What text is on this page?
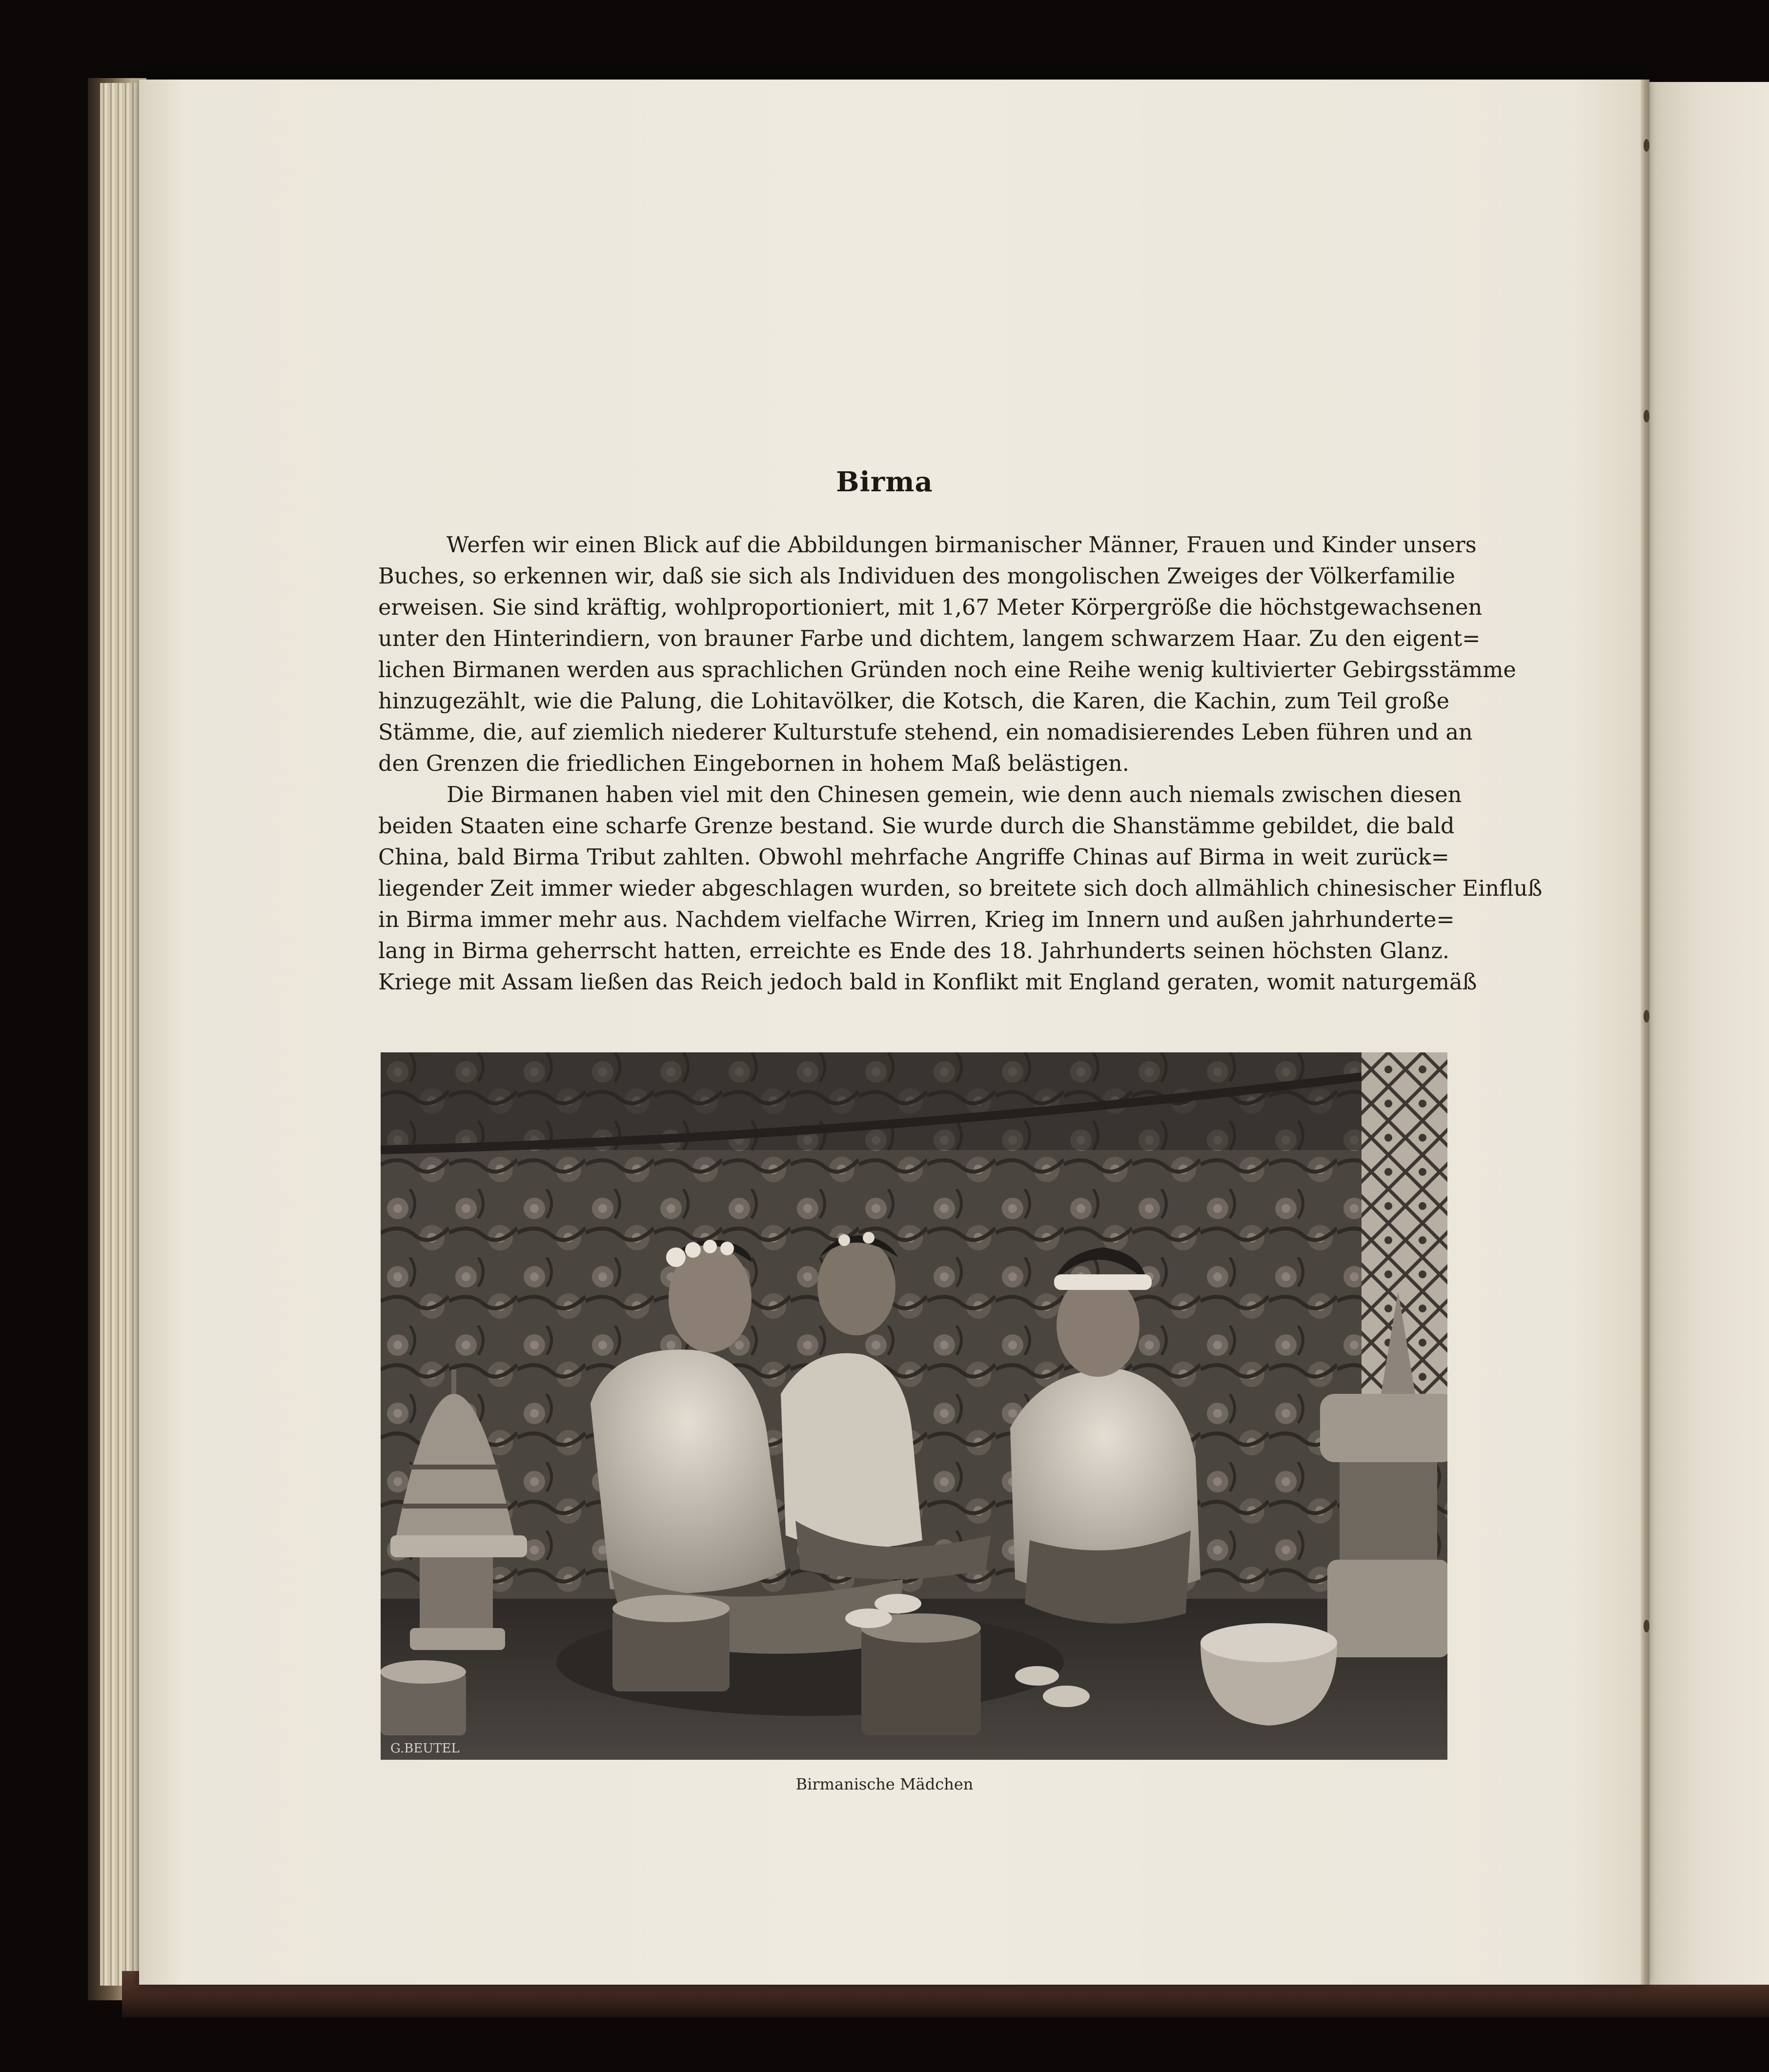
Birma

Werfen wir einen Blick auf die Abbildungen birmanischer Männer, Frauen und Kinder unsers
Buches, so erkennen wir, daß sie sich als Individuen des mongolischen Zweiges der Völkerfamilie
erweisen. Sie sind kräftig, wohlproportioniert, mit 1,67 Meter Körpergröße die höchstgewachsenen
unter den Hinterindiern, von brauner Farbe und dichtem, langem schwarzem Haar. Zu den eigent=
lichen Birmanen werden aus sprachlichen Gründen noch eine Reihe wenig kultivierter Gebirgsstämme
hinzugezählt, wie die Palung, die Lohitavölker, die Kotsch, die Karen, die Kachin, zum Teil große
Stämme, die, auf ziemlich niederer Kulturstufe stehend, ein nomadisierendes Leben führen und an
den Grenzen die friedlichen Eingebornen in hohem Maß belästigen.

Die Birmanen haben viel mit den Chinesen gemein, wie denn auch niemals zwischen diesen
beiden Staaten eine scharfe Grenze bestand. Sie wurde durch die Shanstämme gebildet, die bald
China, bald Birma Tribut zahlten. Obwohl mehrfache Angriffe Chinas auf Birma in weit zurück=
liegender Zeit immer wieder abgeschlagen wurden, so breitete sich doch allmählich chinesischer Einfluß
in Birma immer mehr aus. Nachdem vielfache Wirren, Krieg im Innern und außen jahrhunderte=
lang in Birma geherrscht hatten, erreichte es Ende des 18. Jahrhunderts seinen höchsten Glanz.
Kriege mit Assam ließen das Reich jedoch bald in Konflikt mit England geraten, womit naturgemäß

G.BEUTEL
Birmanische Mädchen
